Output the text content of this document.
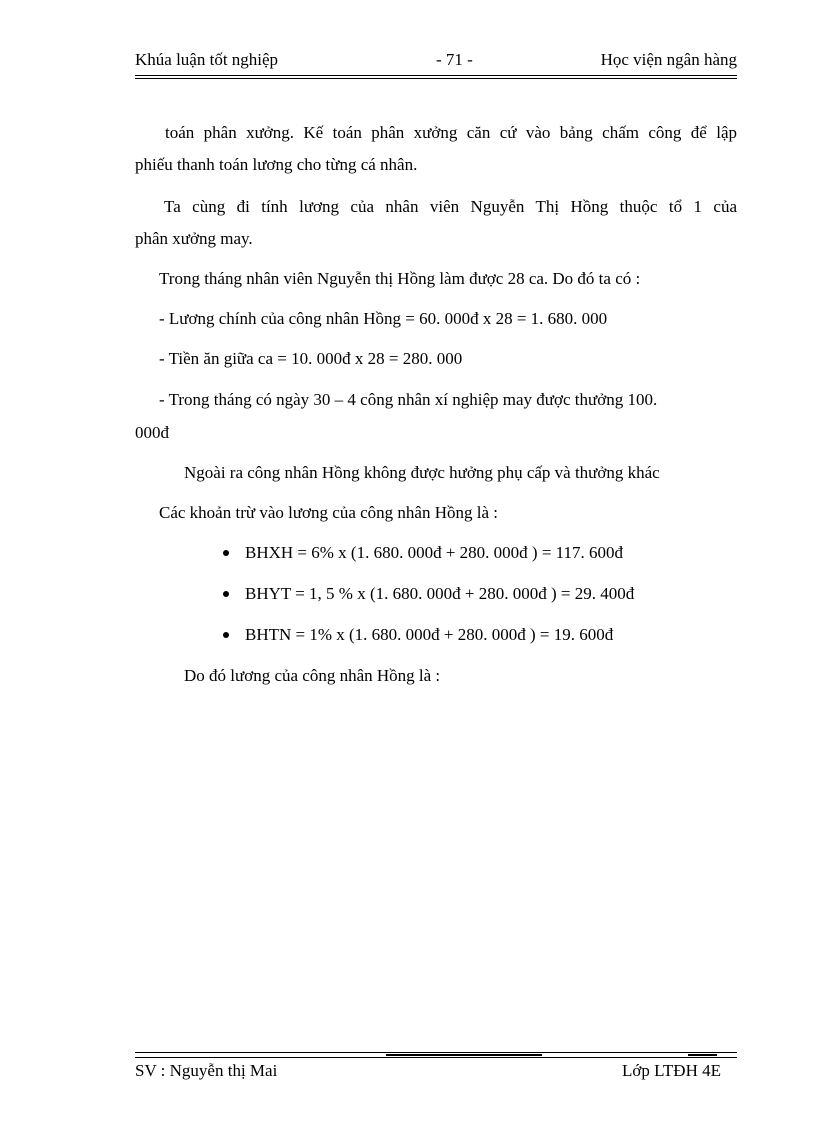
Khúa luận tốt nghiệp	- 71 -	Học viện ngân hàng
toán phân xưởng. Kế toán phân xưởng căn cứ vào bảng chấm công để lập
phiếu thanh toán lương cho từng cá nhân.
Ta cùng đi tính lương của nhân viên Nguyễn Thị Hồng thuộc tổ 1 của
phân xưởng may.
Trong tháng nhân viên Nguyễn thị Hồng làm được 28 ca. Do đó ta có :
- Lương chính của công nhân Hồng = 60. 000đ x 28 = 1. 680. 000
- Tiền ăn giữa ca = 10. 000đ x 28 = 280. 000
- Trong tháng có ngày 30 – 4 công nhân xí nghiệp may được thưởng 100.
000đ
Ngoài ra công nhân Hồng không được hưởng phụ cấp và thưởng khác
Các khoản trừ vào lương của công nhân Hồng là :
BHXH = 6% x (1. 680. 000đ + 280. 000đ ) = 117. 600đ
BHYT = 1, 5 % x (1. 680. 000đ + 280. 000đ ) = 29. 400đ
BHTN = 1% x (1. 680. 000đ + 280. 000đ ) = 19. 600đ
Do đó lương của công nhân Hồng là :
SV : Nguyễn thị Mai	Lớp LTĐH 4E
